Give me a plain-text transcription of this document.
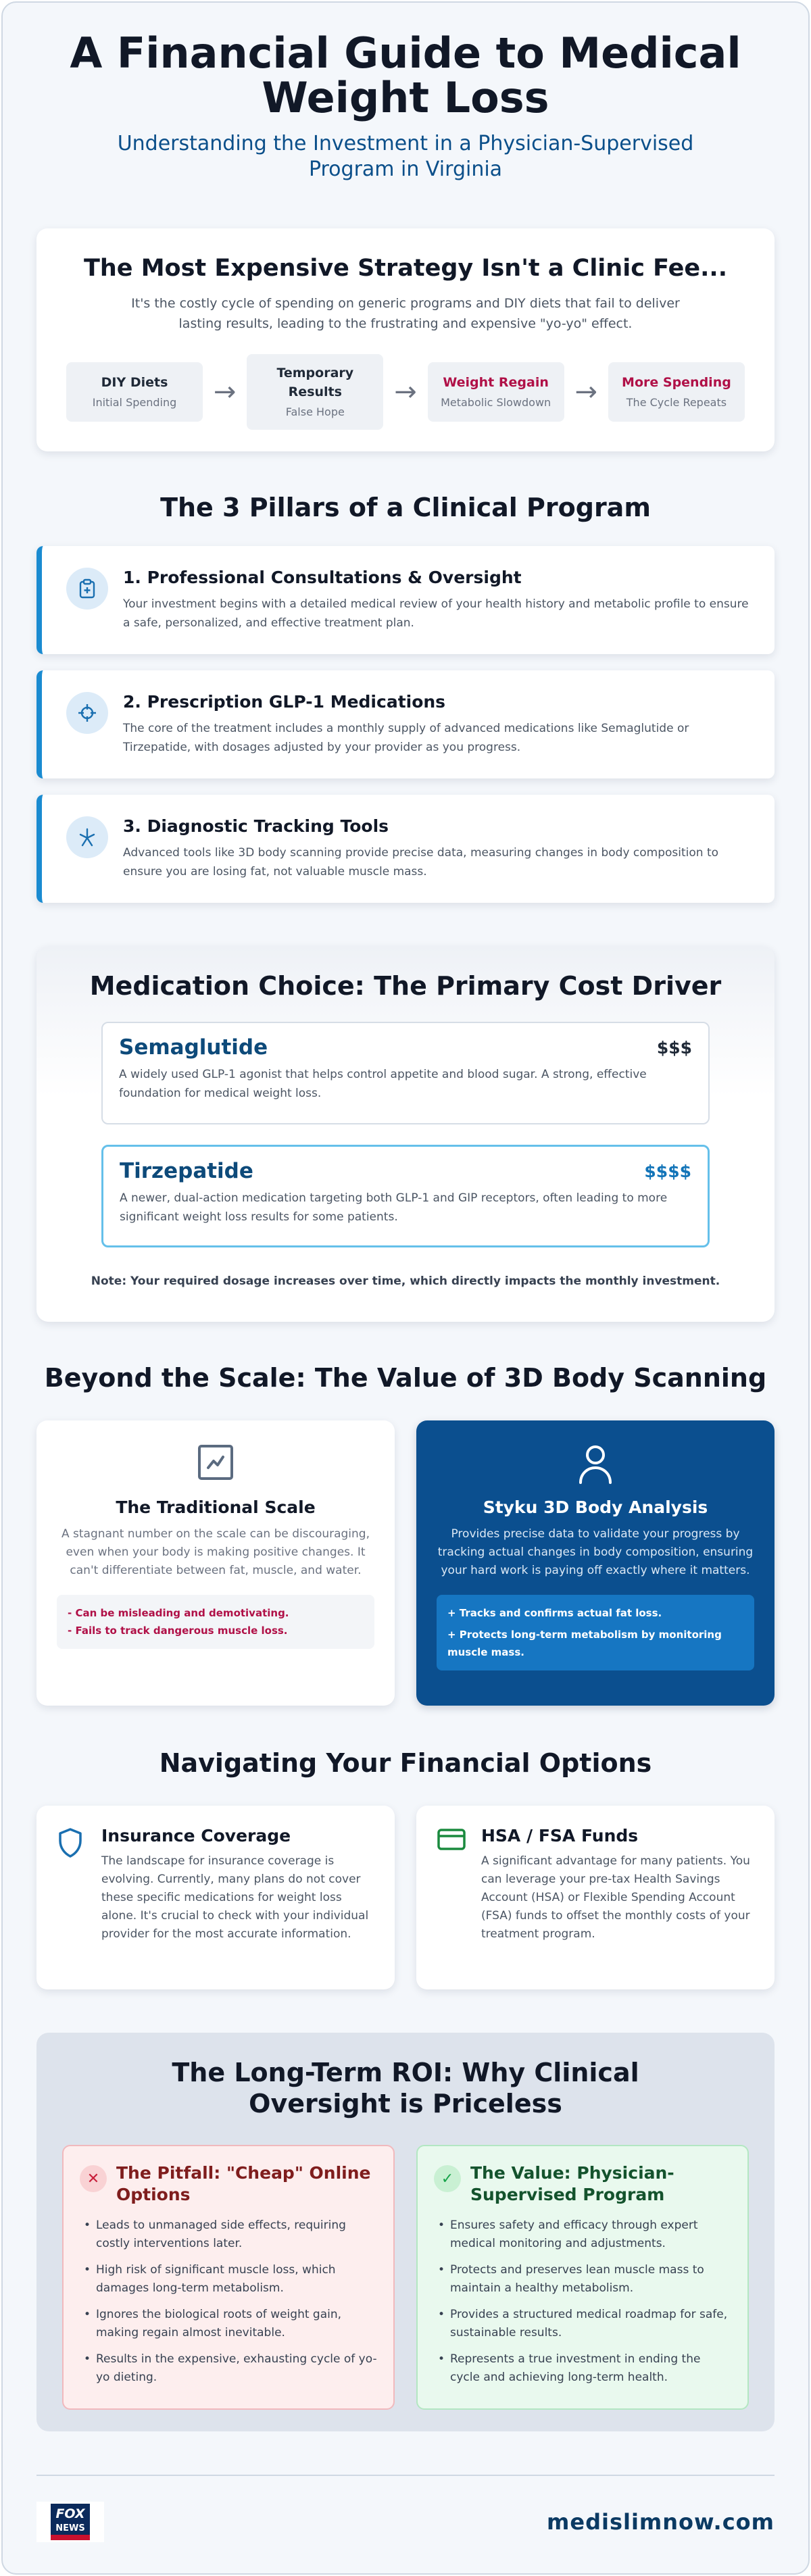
A Financial Guide to Medical Weight Loss

Understanding the Investment in a Physician-Supervised Program in Virginia

The Most Expensive Strategy Isn't a Clinic Fee...

It's the costly cycle of spending on generic programs and DIY diets that fail to deliver lasting results, leading to the frustrating and expensive "yo-yo" effect.

DIY Diets
Initial Spending	→
Temporary Results
False Hope
→	Weight Regain
Metabolic Slowdown →	More Spending
The Cycle Repeats
The 3 Pillars of a Clinical Program
1. Professional Consultations & Oversight
Your investment begins with a detailed medical review of your health history and metabolic profile to ensure a safe, personalized, and effective treatment plan.
2. Prescription GLP-1 Medications
The core of the treatment includes a monthly supply of advanced medications like Semaglutide or Tirzepatide, with dosages adjusted by your provider as you progress.
3. Diagnostic Tracking Tools
Advanced tools like 3D body scanning provide precise data, measuring changes in body composition to ensure you are losing fat, not valuable muscle mass.
Medication Choice: The Primary Cost Driver
Semaglutide	$$$
A widely used GLP-1 agonist that helps control appetite and blood sugar. A strong, effective foundation for medical weight loss.
Tirzepatide	$$$$
A newer, dual-action medication targeting both GLP-1 and GIP receptors, often leading to more significant weight loss results for some patients.

Note: Your required dosage increases over time, which directly impacts the monthly investment.

Beyond the Scale: The Value of 3D Body Scanning
The Traditional Scale
A stagnant number on the scale can be discouraging, even when your body is making positive changes. It can't differentiate between fat, muscle, and water.
- Can be misleading and demotivating.
- Fails to track dangerous muscle loss.
Styku 3D Body Analysis
Provides precise data to validate your progress by tracking actual changes in body composition, ensuring your hard work is paying off exactly where it matters.
+ Tracks and confirms actual fat loss.
+ Protects long-term metabolism by monitoring muscle mass.
Navigating Your Financial Options
Insurance Coverage
The landscape for insurance coverage is evolving. Currently, many plans do not cover these specific medications for weight loss alone. It's crucial to check with your individual provider for the most accurate information.
HSA / FSA Funds
A significant advantage for many patients. You can leverage your pre-tax Health Savings Account (HSA) or Flexible Spending Account (FSA) funds to offset the monthly costs of your treatment program.
The Long-Term ROI: Why Clinical Oversight is Priceless
✕ The Pitfall: "Cheap" Online Options
• Leads to unmanaged side effects, requiring costly interventions later.
• High risk of significant muscle loss, which damages long-term metabolism.
• Ignores the biological roots of weight gain, making regain almost inevitable.
• Results in the expensive, exhausting cycle of yo-yo dieting.
✓ The Value: Physician-Supervised Program
• Ensures safety and efficacy through expert medical monitoring and adjustments.
• Protects and preserves lean muscle mass to maintain a healthy metabolism.
• Provides a structured medical roadmap for safe, sustainable results.
• Represents a true investment in ending the cycle and achieving long-term health.
FOX
NEWS	medislimnow.com
